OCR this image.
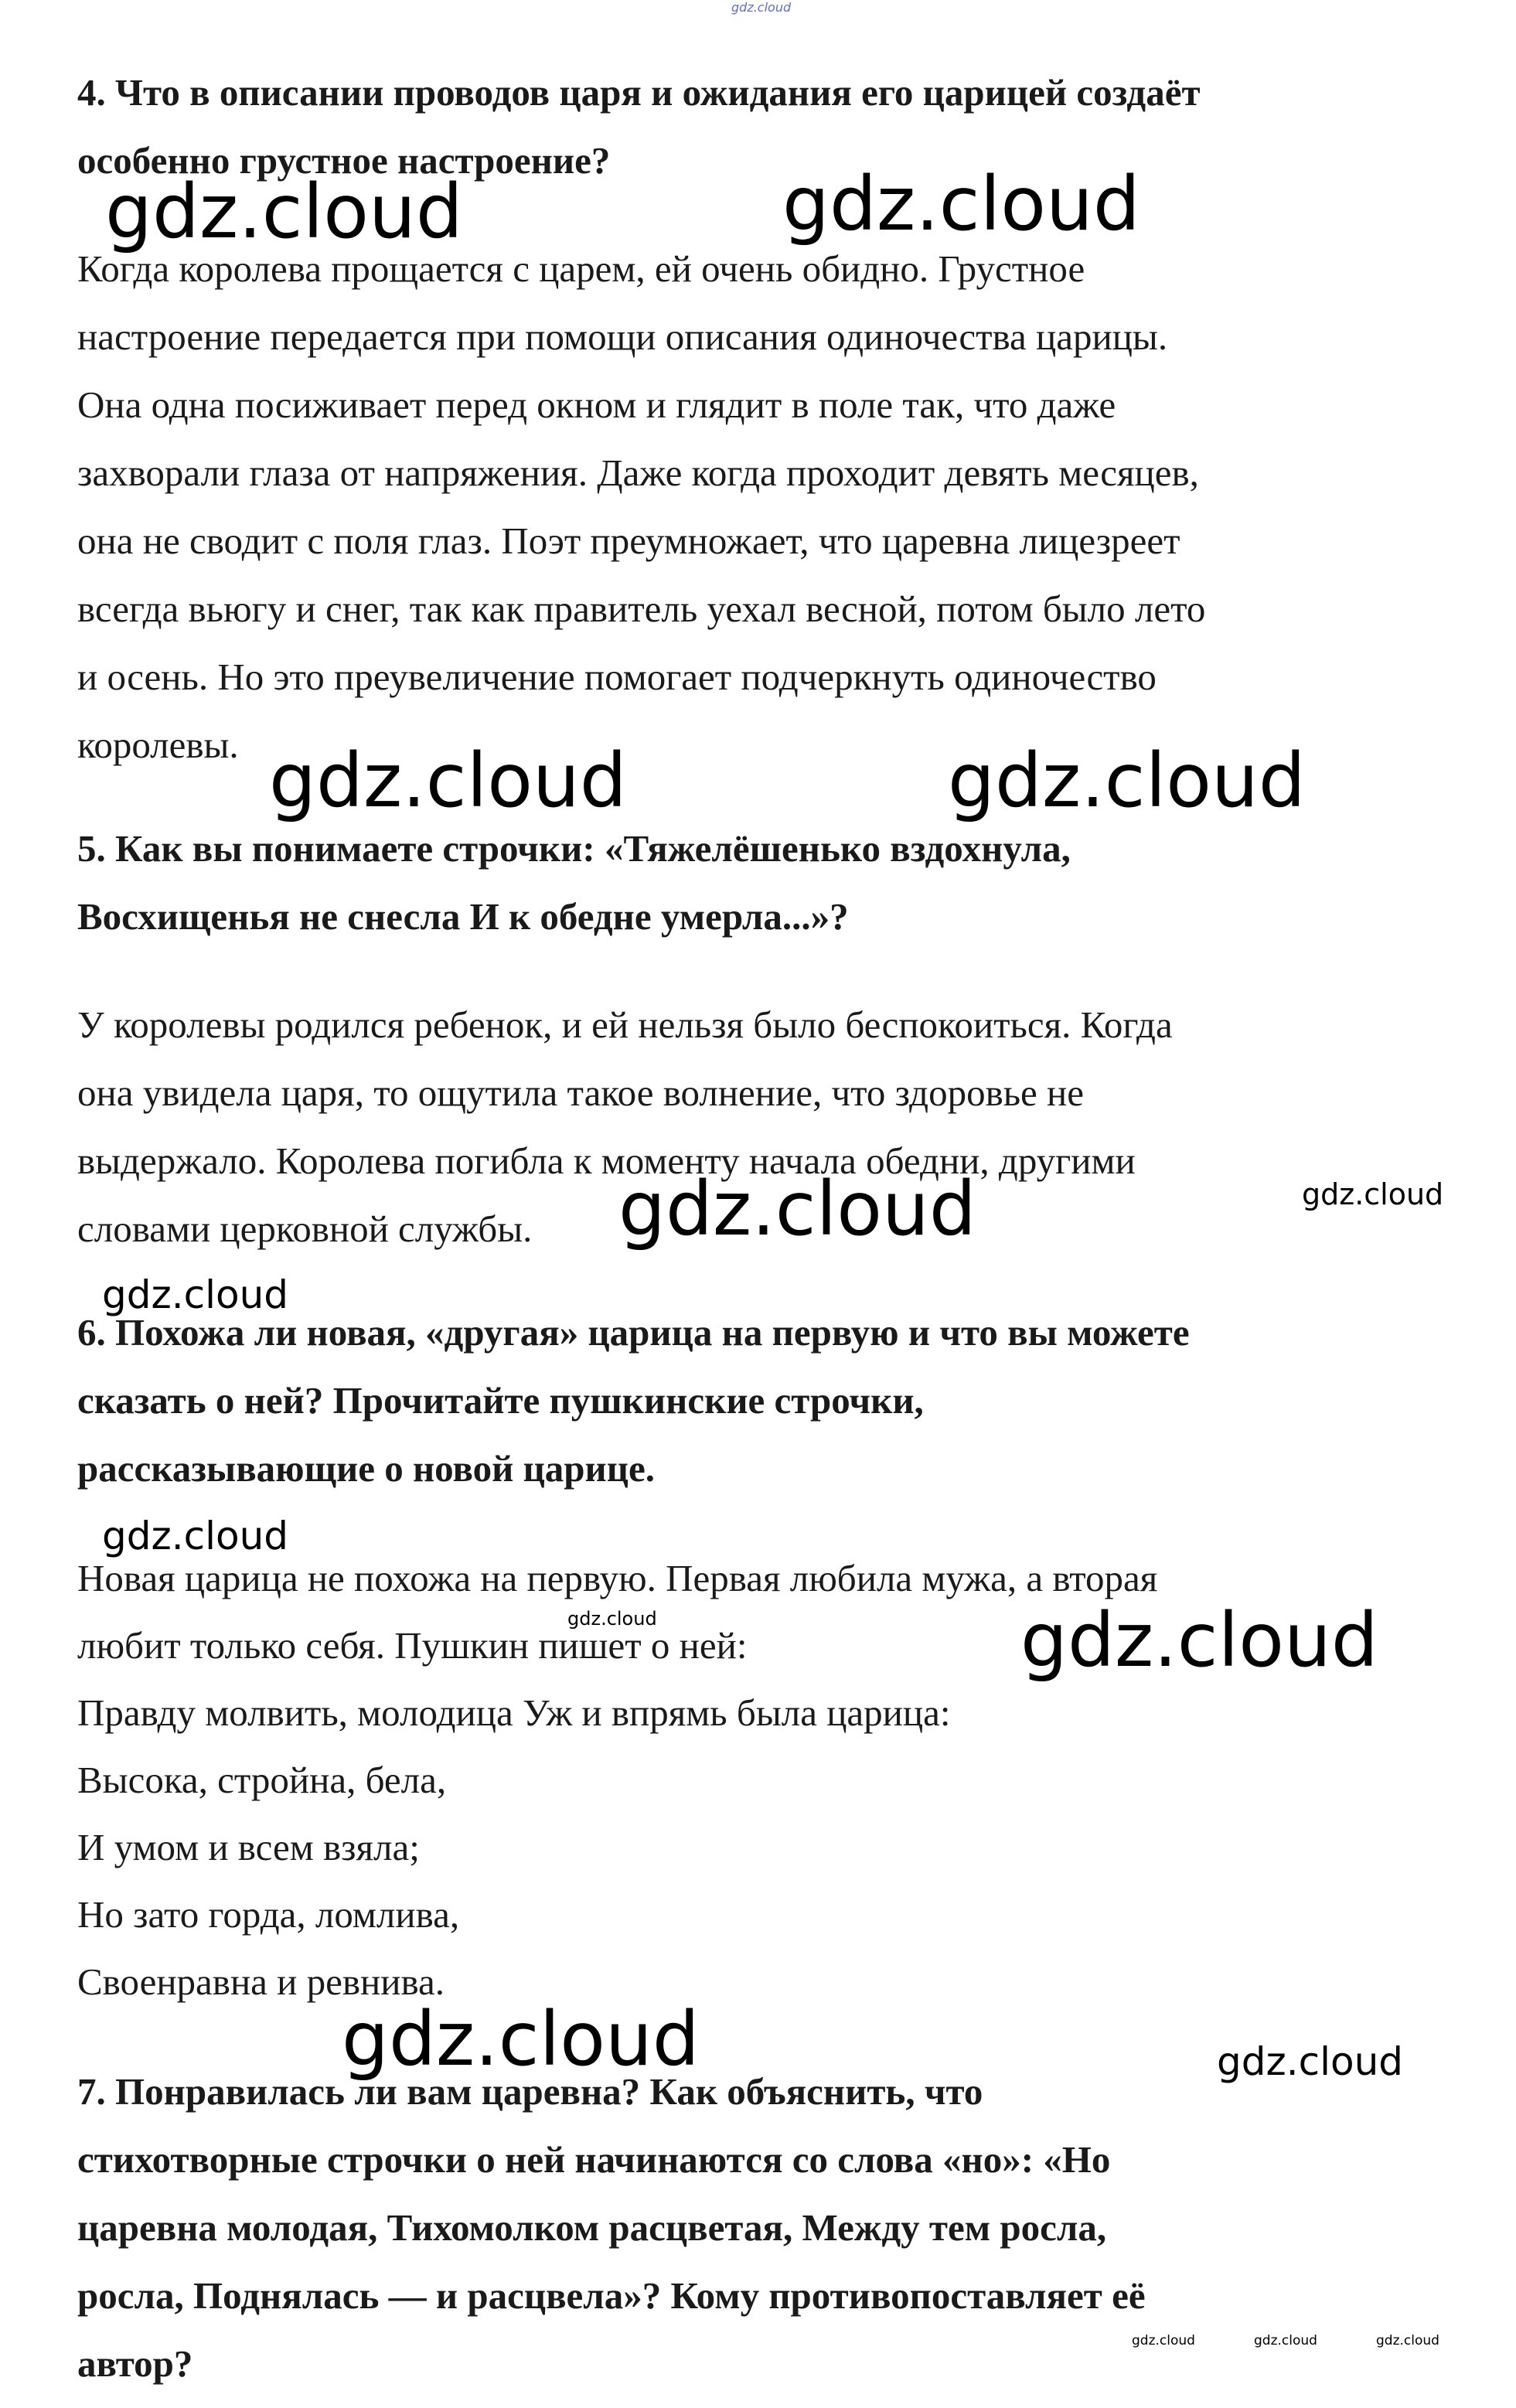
gdz.cloud
4. Что в описании проводов царя и ожидания его царицей создаёт
особенно грустное настроение?
Когда королева прощается с царем, ей очень обидно. Грустное
настроение передается при помощи описания одиночества царицы.
Она одна посиживает перед окном и глядит в поле так, что даже
захворали глаза от напряжения. Даже когда проходит девять месяцев,
она не сводит с поля глаз. Поэт преумножает, что царевна лицезреет
всегда вьюгу и снег, так как правитель уехал весной, потом было лето
и осень. Но это преувеличение помогает подчеркнуть одиночество
королевы.
5. Как вы понимаете строчки: «Тяжелёшенько вздохнула,
Восхищенья не снесла И к обедне умерла...»?
У королевы родился ребенок, и ей нельзя было беспокоиться. Когда
она увидела царя, то ощутила такое волнение, что здоровье не
выдержало. Королева погибла к моменту начала обедни, другими
словами церковной службы.
6. Похожа ли новая, «другая» царица на первую и что вы можете
сказать о ней? Прочитайте пушкинские строчки,
рассказывающие о новой царице.
Новая царица не похожа на первую. Первая любила мужа, а вторая
любит только себя. Пушкин пишет о ней:
Правду молвить, молодица Уж и впрямь была царица:
Высока, стройна, бела,
И умом и всем взяла;
Но зато горда, ломлива,
Своенравна и ревнива.
7. Понравилась ли вам царевна? Как объяснить, что
стихотворные строчки о ней начинаются со слова «но»: «Но
царевна молодая, Тихомолком расцветая, Между тем росла,
росла, Поднялась — и расцвела»? Кому противопоставляет её
автор?
gdz.cloud	gdz.cloud
gdz.cloud	gdz.cloud
gdz.cloud	gdz.cloud
gdz.cloud
gdz.cloud
gdz.cloud	gdz.cloud
gdz.cloud	gdz.cloud
gdz.cloud	gdz.cloud	gdz.cloud
